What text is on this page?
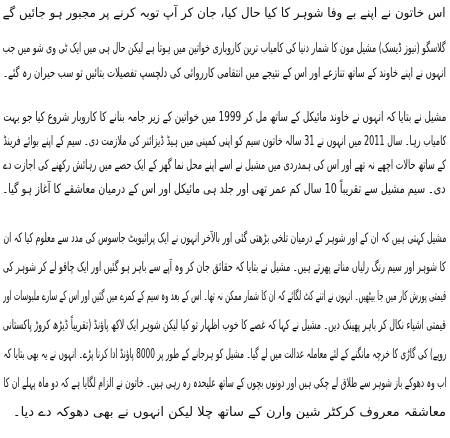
اس خاتون نے اپنے بے وفا شوہر کا کیا حال کیا، جان کر آپ توبہ کرنے پر مجبور ہو جائیں گے
گلاسگو (نیوز ڈیسک) مشیل مون کا شمار دنیا کی کامیاب ترین کاروباری خواتین میں ہوتا ہے لیکن حال ہی میں ایک ٹی وی شو میں جب
انہوں نے اپنے خاوند کے ساتھ تنازعے اور اس کے نتیجے میں انتقامی کارروائی کی دلچسپ تفصیلات بتائیں تو سب حیران رہ گئے۔
مشیل نے بتایا کہ انہوں نے خاوند مائیکل کے ساتھ مل کر 1999 میں خواتین کے زیر جامہ بنانے کا کاروبار شروع کیا جو بہت
کامیاب رہا۔ سال 2011 میں انہوں نے 31 سالہ خاتون سیم کو اپنی کمپنی میں ہیڈ ڈیزائنر کی ملازمت دی۔ سیم کے اپنے بوائے فرینڈ
کے ساتھ حالات اچھے نہ تھے اور اس کی ہمدردی میں مشیل نے اسے اپنے محل نما گھر کے ایک حصے میں رہائش رکھنے کی اجازت دے
دی۔ سیم مشیل سے تقریباً 10 سال کم عمر تھی اور جلد ہی مائیکل اور اس کے درمیان معاشقے کا آغاز ہو گیا۔
مشیل کہتی ہیں کہ ان کے اور شوہر کے درمیان تلخی بڑھتی گئی اور بالآخر انہوں نے ایک پرائیویٹ جاسوس کی مدد سے معلوم کیا کہ ان
کا شوہر اور سیم رنگ رلیاں مناتے پھرتے ہیں۔ مشیل نے بتایا کہ حقائق جان کر وہ آپے سے باہر ہو گئیں اور ایک چاقو لے کر شوہر کی
قیمتی پورش کار میں جا بیٹھیں۔ انہوں نے اتنے کٹ لگائے کہ ان کا شمار ممکن نہ تھا۔ اس کے بعد وہ سیم کے کمرے میں گئیں اور اس کے سارے ملبوسات اور
قیمتی اشیاء نکال کر باہر پھینک دیں۔ مشیل نے کہا کہ غصے کا خوب اظہار تو کیا لیکن شوہر ایک لاکھ پاؤنڈ (تقریباً ڈیڑھ کروڑ پاکستانی
روپے) کی گاڑی کا خرچہ مانگنے کے لئے معاملہ عدالت میں لے گیا۔ مشیل کو ہرجانے کے طور پر 8000 پاؤنڈ ادا کرنا پڑے۔ انہوں نے یہ بھی بتایا کہ
اب وہ دھوکے باز شوہر سے طلاق لے چکی ہیں اور دونوں بچوں کے ساتھ علیحدہ رہ رہی ہیں۔ خاتون نے الزام لگایا ہے کہ دو ماہ پہلے ان کا
معاشقہ معروف کرکٹر شین وارن کے ساتھ چلا لیکن انہوں نے بھی دھوکہ دے دیا۔
